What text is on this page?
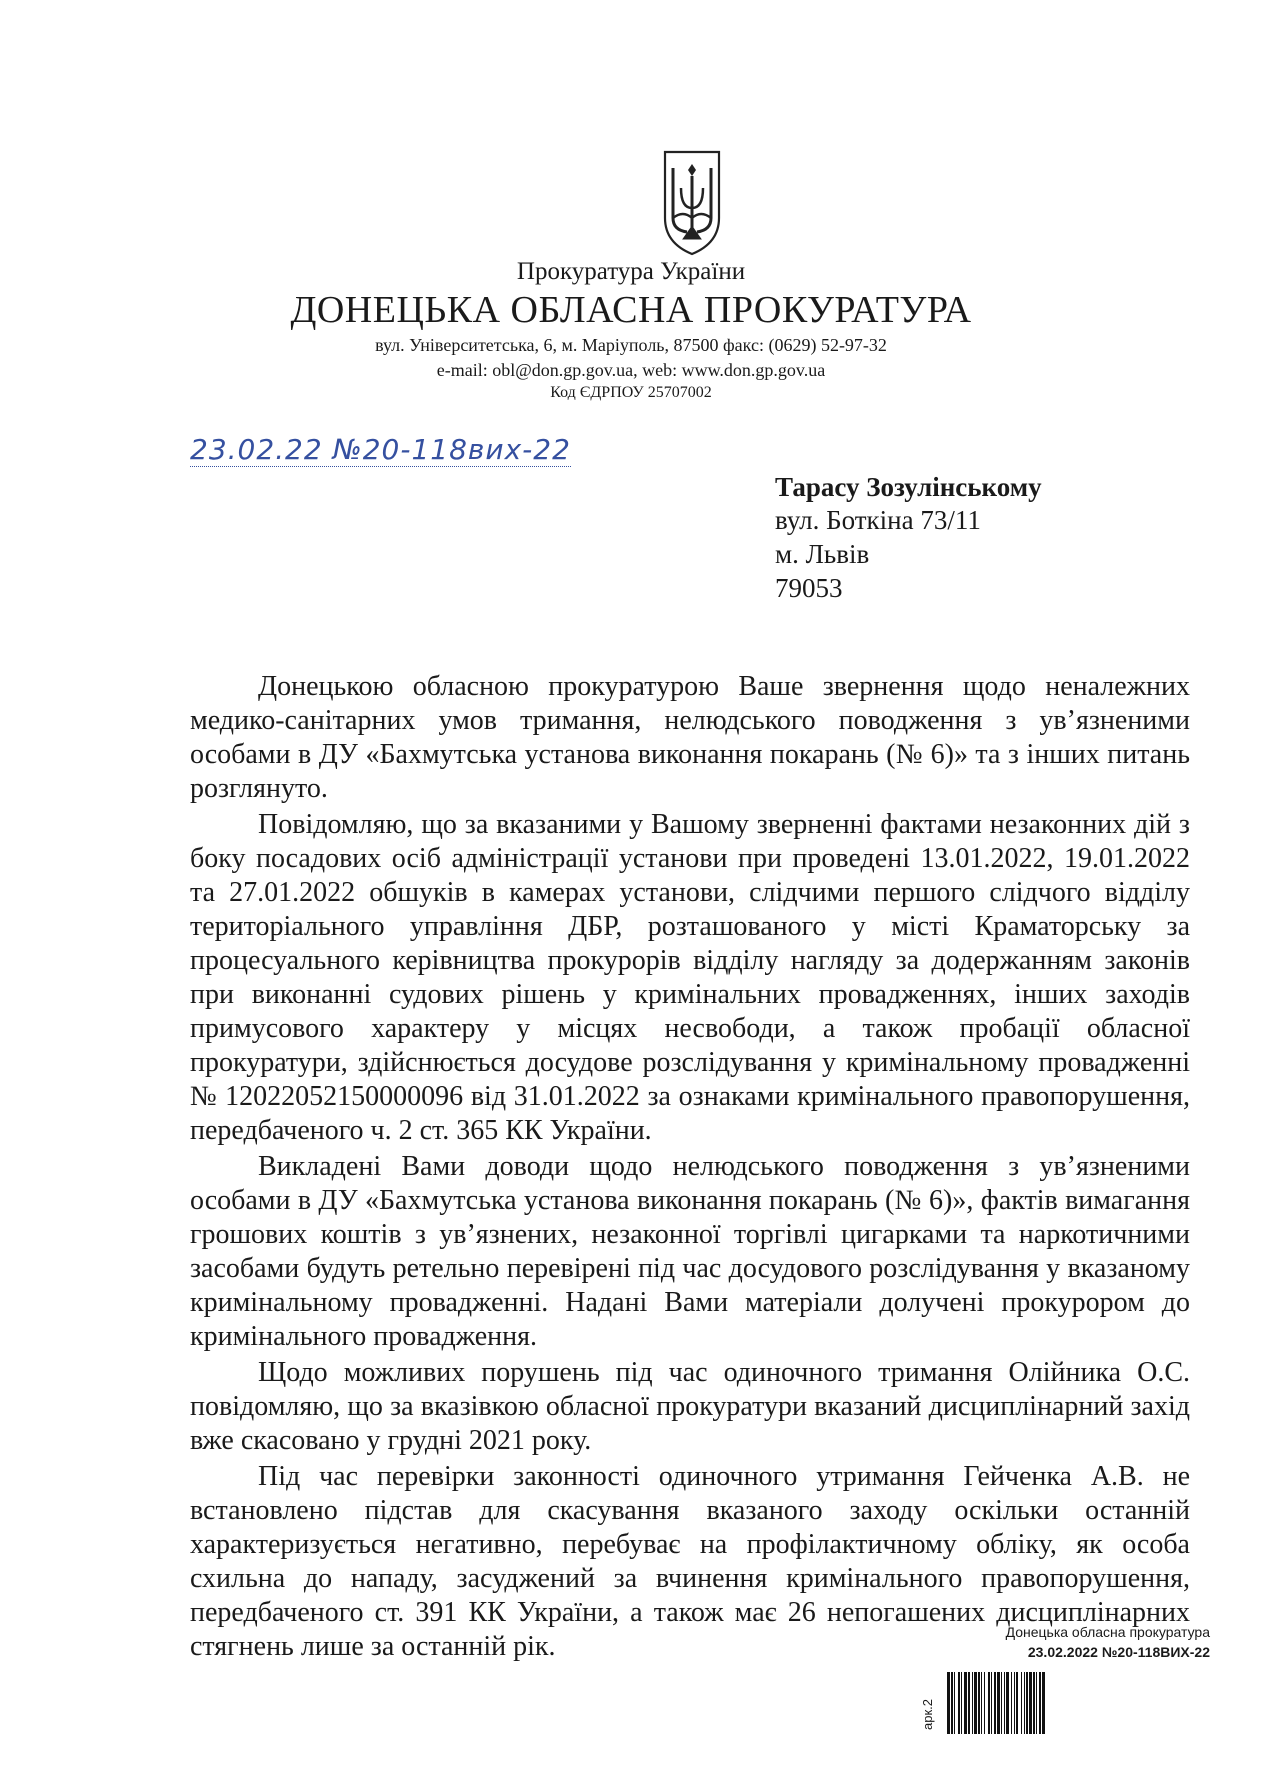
Прокуратура України
ДОНЕЦЬКА ОБЛАСНА ПРОКУРАТУРА
вул. Університетська, 6, м. Маріуполь, 87500 факс: (0629) 52-97-32
e-mail: obl@don.gp.gov.ua, web: www.don.gp.gov.ua
Код ЄДРПОУ 25707002
23.02.22 №20-118вих-22
Тарасу Зозулінському
вул. Боткіна 73/11
м. Львів
79053

Донецькою обласною прокуратурою Ваше звернення щодо неналежних медико-санітарних умов тримання, нелюдського поводження з ув’язненими особами в ДУ «Бахмутська установа виконання покарань (№ 6)» та з інших питань розглянуто.

Повідомляю, що за вказаними у Вашому зверненні фактами незаконних дій з боку посадових осіб адміністрації установи при проведені 13.01.2022, 19.01.2022 та 27.01.2022 обшуків в камерах установи, слідчими першого слідчого відділу територіального управління ДБР, розташованого у місті Краматорську за процесуального керівництва прокурорів відділу нагляду за додержанням законів при виконанні судових рішень у кримінальних провадженнях, інших заходів примусового характеру у місцях несвободи, а також пробації обласної прокуратури, здійснюється досудове розслідування у кримінальному провадженні № 12022052150000096 від 31.01.2022 за ознаками кримінального правопорушення, передбаченого ч. 2 ст. 365 КК України.

Викладені Вами доводи щодо нелюдського поводження з ув’язненими особами в ДУ «Бахмутська установа виконання покарань (№ 6)», фактів вимагання грошових коштів з ув’язнених, незаконної торгівлі цигарками та наркотичними засобами будуть ретельно перевірені під час досудового розслідування у вказаному кримінальному провадженні. Надані Вами матеріали долучені прокурором до кримінального провадження.

Щодо можливих порушень під час одиночного тримання Олійника О.С. повідомляю, що за вказівкою обласної прокуратури вказаний дисциплінарний захід вже скасовано у грудні 2021 року.

Під час перевірки законності одиночного утримання Гейченка А.В. не встановлено підстав для скасування вказаного заходу оскільки останній характеризується негативно, перебуває на профілактичному обліку, як особа схильна до нападу, засуджений за вчинення кримінального правопорушення, передбаченого ст. 391 КК України, а також має 26 непогашених дисциплінарних стягнень лише за останній рік.	Донецька обласна прокуратура
23.02.2022 №20-118ВИХ-22
арк.2
